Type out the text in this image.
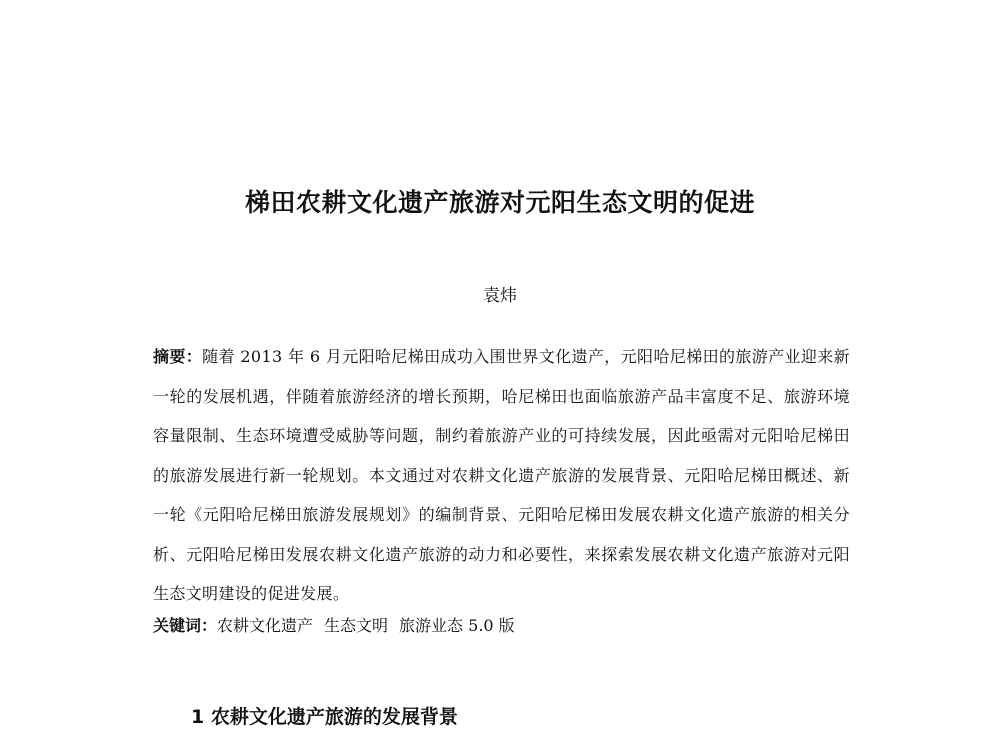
梯田农耕文化遗产旅游对元阳生态文明的促进

袁炜

摘要：随着 2013 年 6 月元阳哈尼梯田成功入围世界文化遗产，元阳哈尼梯田的旅游产业迎来新一轮的发展机遇，伴随着旅游经济的增长预期，哈尼梯田也面临旅游产品丰富度不足、旅游环境容量限制、生态环境遭受威胁等问题，制约着旅游产业的可持续发展，因此亟需对元阳哈尼梯田的旅游发展进行新一轮规划。本文通过对农耕文化遗产旅游的发展背景、元阳哈尼梯田概述、新一轮《元阳哈尼梯田旅游发展规划》的编制背景、元阳哈尼梯田发展农耕文化遗产旅游的相关分析、元阳哈尼梯田发展农耕文化遗产旅游的动力和必要性，来探索发展农耕文化遗产旅游对元阳生态文明建设的促进发展。

关键词：农耕文化遗产 生态文明 旅游业态 5.0 版

1 农耕文化遗产旅游的发展背景
